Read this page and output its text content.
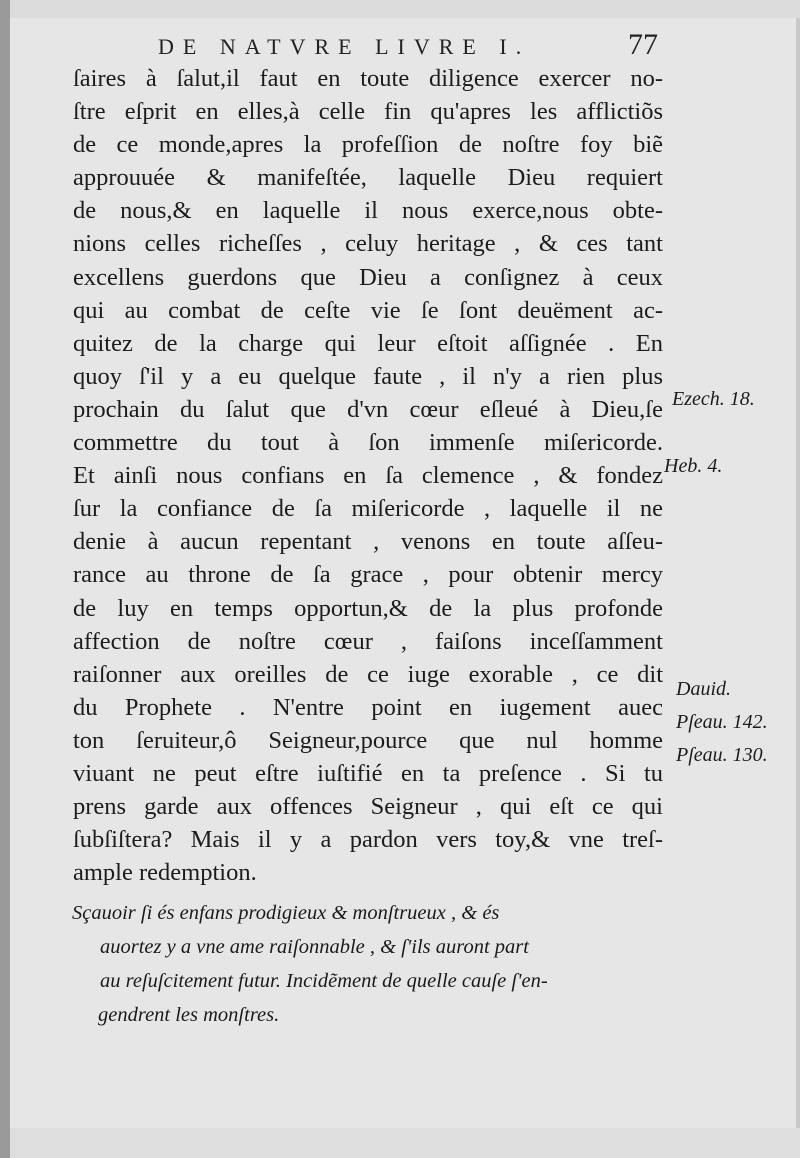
DE NATVRE LIVRE I.	77
ſaires à ſalut,il faut en toute diligence exercer no-
ſtre eſprit en elles,à celle fin qu'apres les afflictiõs
de ce monde,apres la profeſſion de noſtre foy biẽ
approuuée & manifeſtée, laquelle Dieu requiert
de nous,& en laquelle il nous exerce,nous obte-
nions celles richeſſes , celuy heritage , & ces tant
excellens guerdons que Dieu a conſignez à ceux
qui au combat de ceſte vie ſe ſont deuëment ac-
quitez de la charge qui leur eſtoit aſſignée . En
quoy ſ'il y a eu quelque faute , il n'y a rien plus
prochain du ſalut que d'vn cœur eſleué à Dieu,ſe
commettre du tout à ſon immenſe miſericorde.
Et ainſi nous confians en ſa clemence , & fondez
ſur la confiance de ſa miſericorde , laquelle il ne
denie à aucun repentant , venons en toute aſſeu-
rance au throne de ſa grace , pour obtenir mercy
de luy en temps opportun,& de la plus profonde
affection de noſtre cœur , faiſons inceſſamment
raiſonner aux oreilles de ce iuge exorable , ce dit
du Prophete . N'entre point en iugement auec
ton ſeruiteur,ô Seigneur,pource que nul homme
viuant ne peut eſtre iuſtifié en ta preſence . Si tu
prens garde aux offences Seigneur , qui eſt ce qui
ſubſiſtera? Mais il y a pardon vers toy,& vne treſ-
ample redemption.
Ezech. 18.
Heb. 4.
Dauid.
Pſeau. 142.
Pſeau. 130.
Sçauoir ſi és enfans prodigieux & monſtrueux , & és
auortez y a vne ame raiſonnable , & ſ'ils auront part
au reſuſcitement futur. Incidẽment de quelle cauſe ſ'en-
gendrent les monſtres.
